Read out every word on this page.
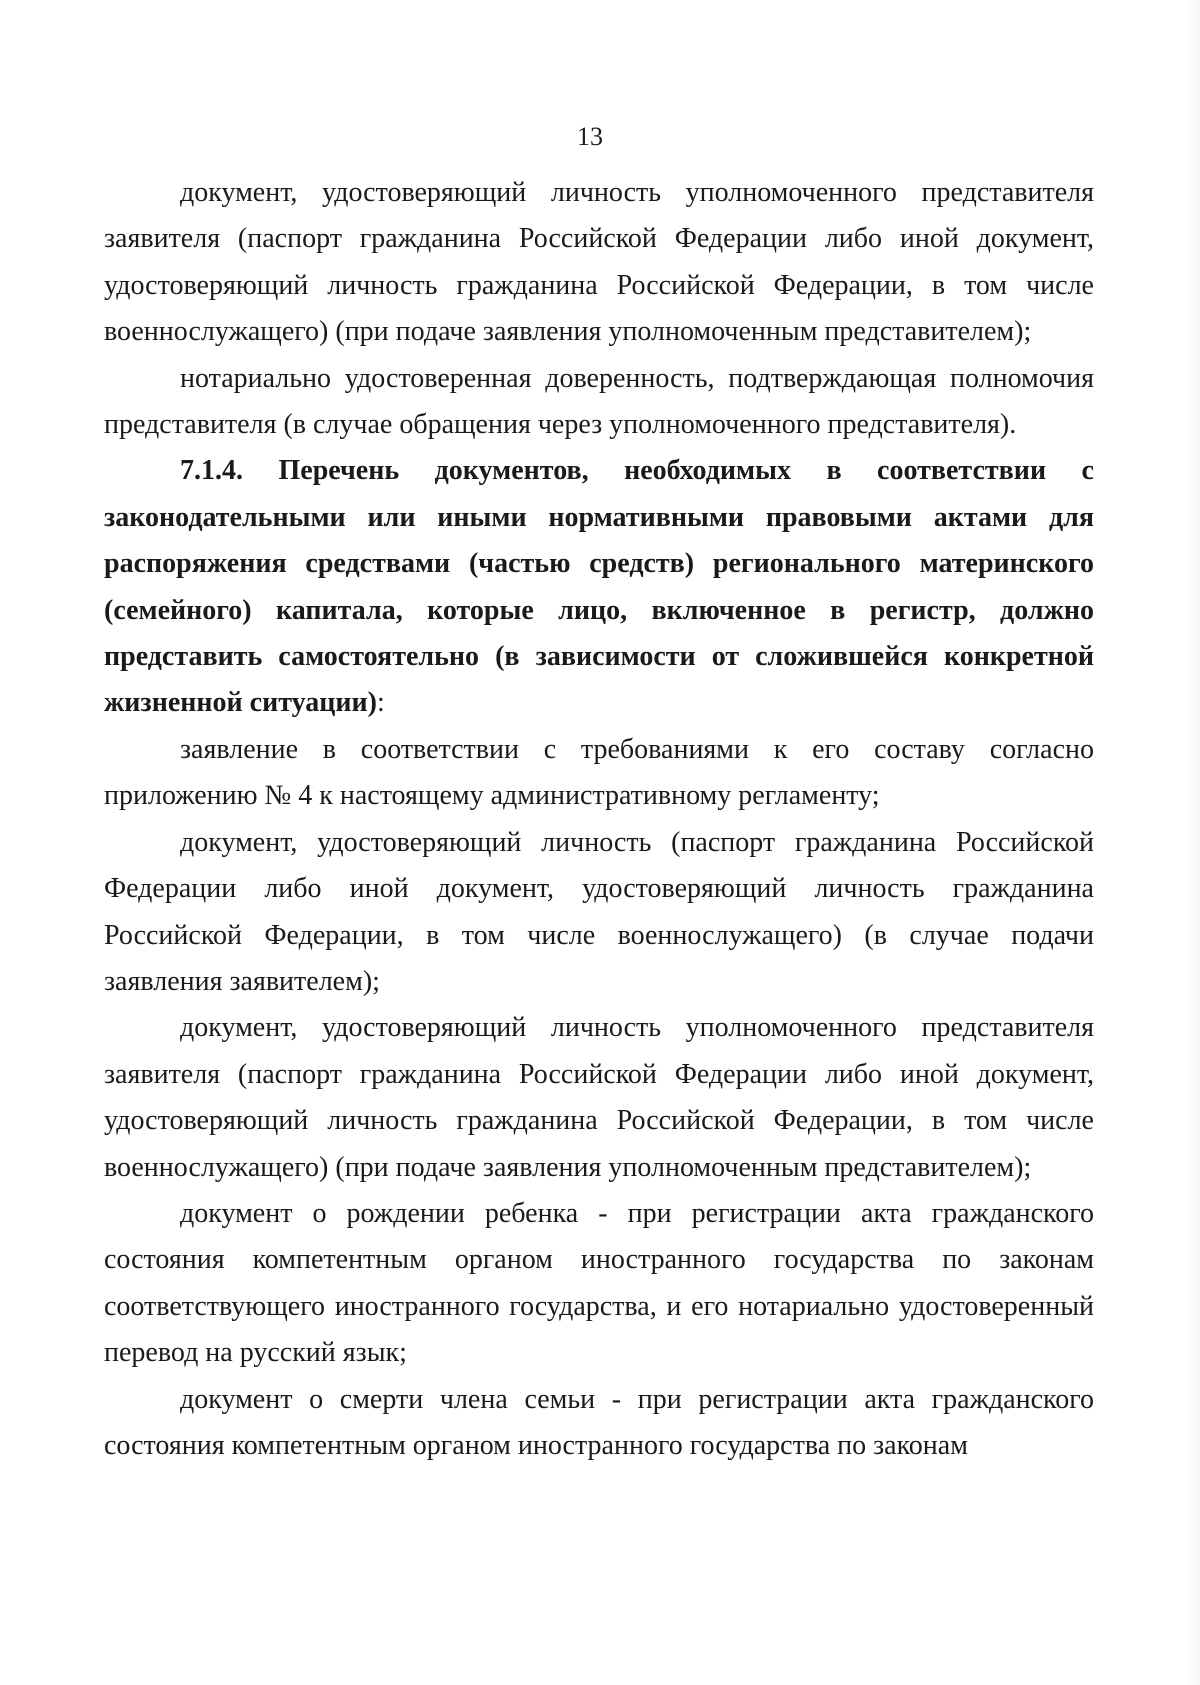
13

документ, удостоверяющий личность уполномоченного представителя заявителя (паспорт гражданина Российской Федерации либо иной документ, удостоверяющий личность гражданина Российской Федерации, в том числе военнослужащего) (при подаче заявления уполномоченным представителем);

нотариально удостоверенная доверенность, подтверждающая полномочия представителя (в случае обращения через уполномоченного представителя).

7.1.4. Перечень документов, необходимых в соответствии с законодательными или иными нормативными правовыми актами для распоряжения средствами (частью средств) регионального материнского (семейного) капитала, которые лицо, включенное в регистр, должно представить самостоятельно (в зависимости от сложившейся конкретной жизненной ситуации):

заявление в соответствии с требованиями к его составу согласно приложению № 4 к настоящему административному регламенту;

документ, удостоверяющий личность (паспорт гражданина Российской Федерации либо иной документ, удостоверяющий личность гражданина Российской Федерации, в том числе военнослужащего) (в случае подачи заявления заявителем);

документ, удостоверяющий личность уполномоченного представителя заявителя (паспорт гражданина Российской Федерации либо иной документ, удостоверяющий личность гражданина Российской Федерации, в том числе военнослужащего) (при подаче заявления уполномоченным представителем);

документ о рождении ребенка - при регистрации акта гражданского состояния компетентным органом иностранного государства по законам соответствующего иностранного государства, и его нотариально удостоверенный перевод на русский язык;

документ о смерти члена семьи - при регистрации акта гражданского состояния компетентным органом иностранного государства по законам
